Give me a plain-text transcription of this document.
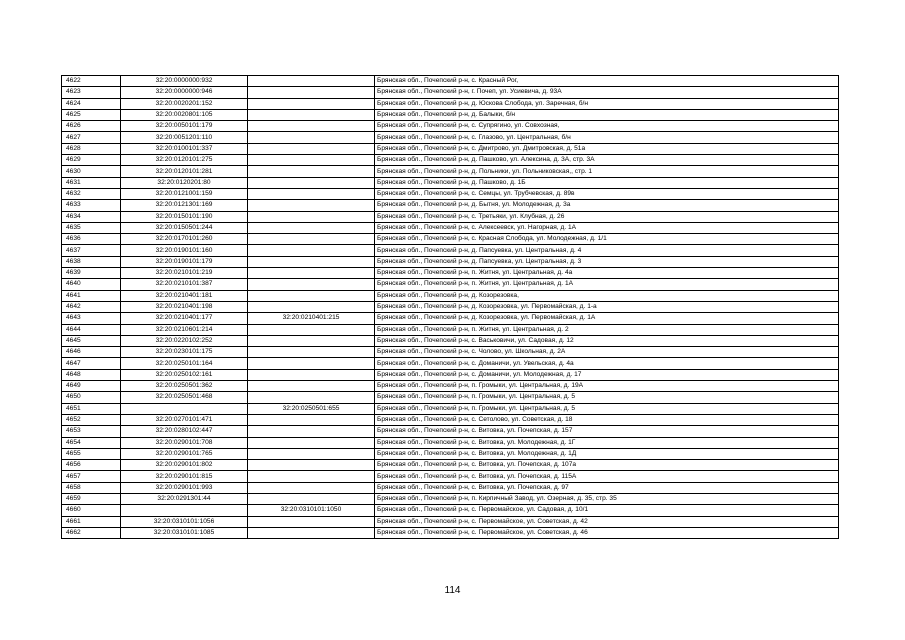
4622	32:20:0000000:932		Брянская обл., Почепский р-н, с. Красный Рог,
4623	32:20:0000000:946		Брянская обл., Почепский р-н, г. Почеп, ул. Усиевича, д. 93А
4624	32:20:0020201:152		Брянская обл., Почепский р-н, д. Юскова Слобода, ул. Заречная, б/н
4625	32:20:0020801:105		Брянская обл., Почепский р-н, д. Балыки, б/н
4626	32:20:0050101:179		Брянская обл., Почепский р-н, с. Супрягино, ул. Совхозная,
4627	32:20:0051201:110		Брянская обл., Почепский р-н, с. Глазово, ул. Центральная, б/н
4628	32:20:0100101:337		Брянская обл., Почепский р-н, с. Дмитрово, ул. Дмитровская, д. 51а
4629	32:20:0120101:275		Брянская обл., Почепский р-н, д. Пашково, ул. Алексина, д. 3А, стр. 3А
4630	32:20:0120101:281		Брянская обл., Почепский р-н, д. Польники, ул. Польниковская,, стр. 1
4631	32:20:0120201:80		Брянская обл., Почепский р-н, д. Пашково, д. 1Б
4632	32:20:0121001:159		Брянская обл., Почепский р-н, с. Семцы, ул. Трубчевская, д. 89в
4633	32:20:0121301:169		Брянская обл., Почепский р-н, д. Бытня, ул. Молодежная, д. 3а
4634	32:20:0150101:190		Брянская обл., Почепский р-н, с. Третьяки, ул. Клубная, д. 26
4635	32:20:0150501:244		Брянская обл., Почепский р-н, с. Алексеевск, ул. Нагорная, д. 1А
4636	32:20:0170101:260		Брянская обл., Почепский р-н, с. Красная Слобода, ул. Молодежная, д. 1/1
4637	32:20:0190101:160		Брянская обл., Почепский р-н, д. Папсуевка, ул. Центральная, д. 4
4638	32:20:0190101:179		Брянская обл., Почепский р-н, д. Папсуевка, ул. Центральная, д. 3
4639	32:20:0210101:219		Брянская обл., Почепский р-н, п. Житня, ул. Центральная, д. 4а
4640	32:20:0210101:387		Брянская обл., Почепский р-н, п. Житня, ул. Центральная, д. 1А
4641	32:20:0210401:181		Брянская обл., Почепский р-н, д. Козорезовка,
4642	32:20:0210401:198		Брянская обл., Почепский р-н, д. Козорезовка, ул. Первомайская, д. 1-а
4643	32:20:0210401:177	32:20:0210401:215	Брянская обл., Почепский р-н, д. Козорезовка, ул. Первомайская, д. 1А
4644	32:20:0210601:214		Брянская обл., Почепский р-н, п. Житня, ул. Центральная, д. 2
4645	32:20:0220102:252		Брянская обл., Почепский р-н, с. Васьковичи, ул. Садовая, д. 12
4646	32:20:0230101:175		Брянская обл., Почепский р-н, с. Чолово, ул. Школьная, д. 2А
4647	32:20:0250101:164		Брянская обл., Почепский р-н, с. Доманичи, ул. Увельская, д. 4а
4648	32:20:0250102:161		Брянская обл., Почепский р-н, с. Доманичи, ул. Молодежная, д. 17
4649	32:20:0250501:362		Брянская обл., Почепский р-н, п. Громыки, ул. Центральная, д. 19А
4650	32:20:0250501:468		Брянская обл., Почепский р-н, п. Громыки, ул. Центральная, д. 5
4651		32:20:0250501:655	Брянская обл., Почепский р-н, п. Громыки, ул. Центральная, д. 5
4652	32:20:0270101:471		Брянская обл., Почепский р-н, с. Сетолово, ул. Советская, д. 18
4653	32:20:0280102:447		Брянская обл., Почепский р-н, с. Витовка, ул. Почепская, д. 157
4654	32:20:0290101:708		Брянская обл., Почепский р-н, с. Витовка, ул. Молодежная, д. 1Г
4655	32:20:0290101:765		Брянская обл., Почепский р-н, с. Витовка, ул. Молодежная, д. 1Д
4656	32:20:0290101:802		Брянская обл., Почепский р-н, с. Витовка, ул. Почепская, д. 107а
4657	32:20:0290101:815		Брянская обл., Почепский р-н, с. Витовка, ул. Почепская, д. 115А
4658	32:20:0290101:993		Брянская обл., Почепский р-н, с. Витовка, ул. Почепская, д. 97
4659	32:20:0291301:44		Брянская обл., Почепский р-н, п. Кирпичный Завод, ул. Озерная, д. 35, стр. 35
4660		32:20:0310101:1050	Брянская обл., Почепский р-н, с. Первомайское, ул. Садовая, д. 10/1
4661	32:20:0310101:1056		Брянская обл., Почепский р-н, с. Первомайское, ул. Советская, д. 42
4662	32:20:0310101:1085		Брянская обл., Почепский р-н, с. Первомайское, ул. Советская, д. 46
114
